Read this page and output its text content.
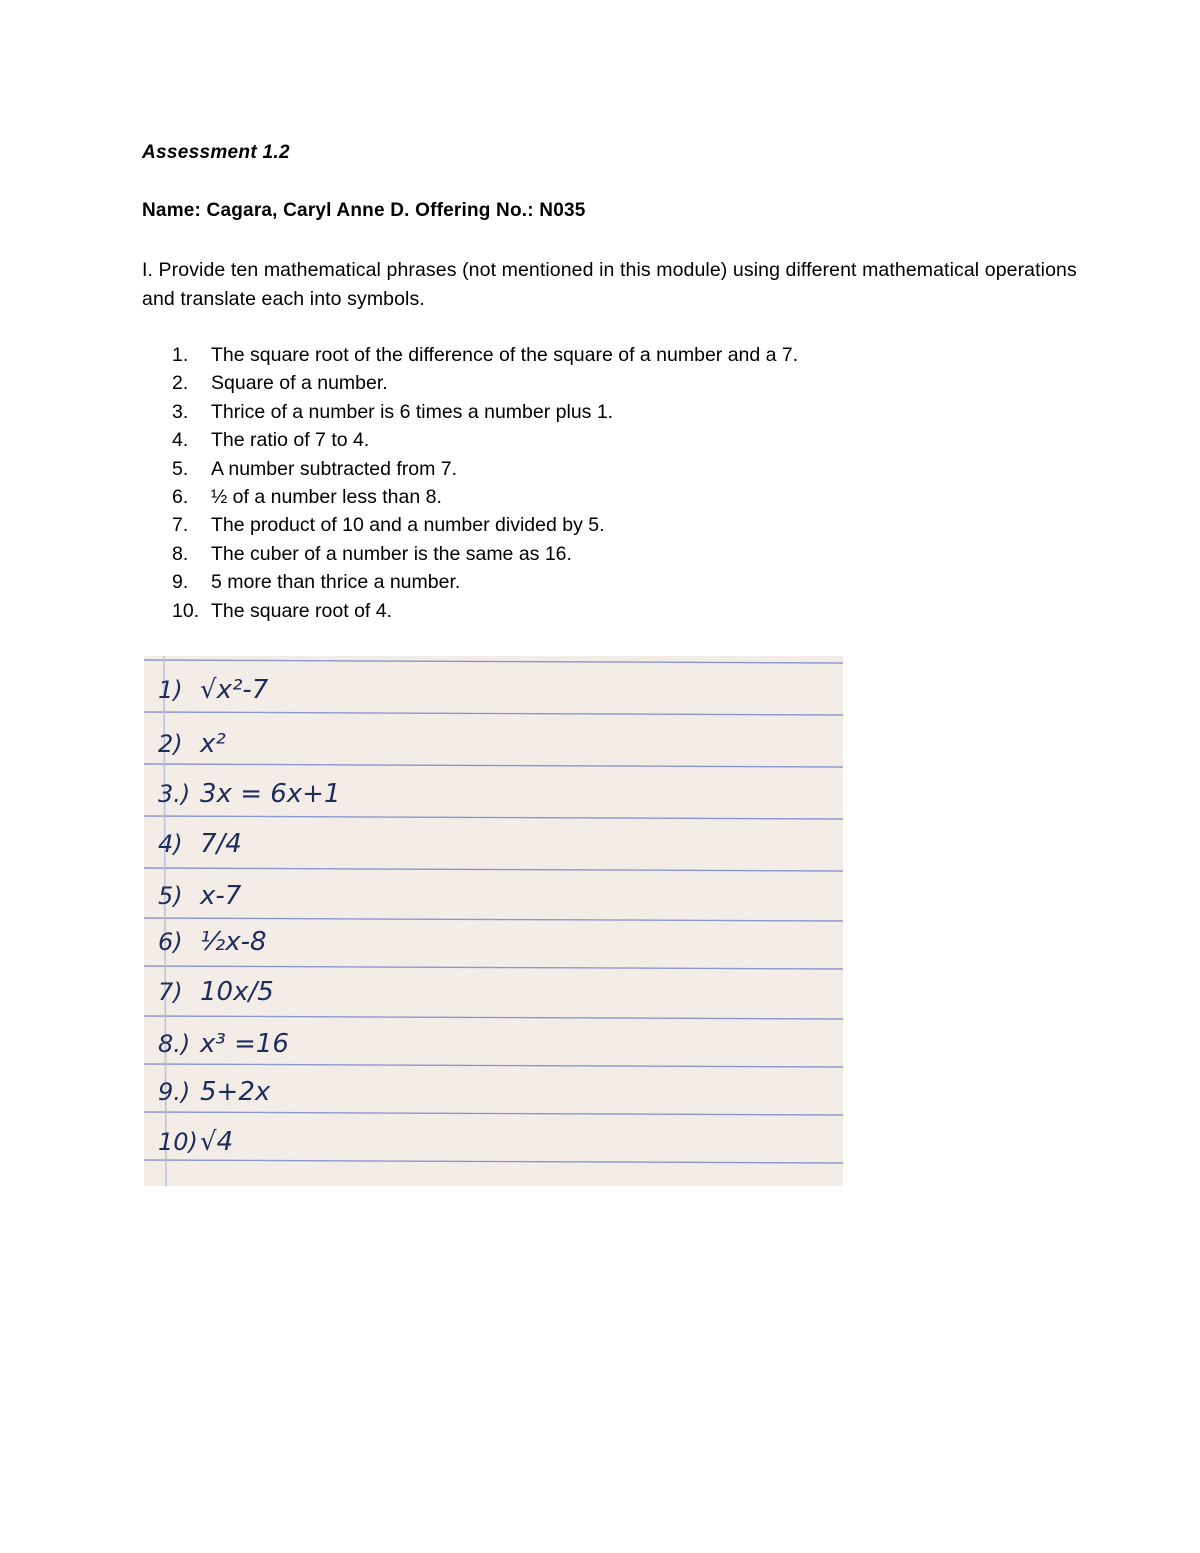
Assessment 1.2
Name: Cagara, Caryl Anne D. Offering No.: N035
I. Provide ten mathematical phrases (not mentioned in this module) using different mathematical operations and translate each into symbols.
1.	The square root of the difference of the square of a number and a 7.
2.	Square of a number.
3.	Thrice of a number is 6 times a number plus 1.
4.	The ratio of 7 to 4.
5.	A number subtracted from 7.
6.	½ of a number less than 8.
7.	The product of 10 and a number divided by 5.
8.	The cuber of a number is the same as 16.
9.	5 more than thrice a number.
10. The square root of 4.
1) √x²-7
2) x²
3.) 3x = 6x+1
4) 7/4
5) x-7
6) ½x-8
7) 10x/5
8.) x³ =16
9.) 5+2x
10) √4
